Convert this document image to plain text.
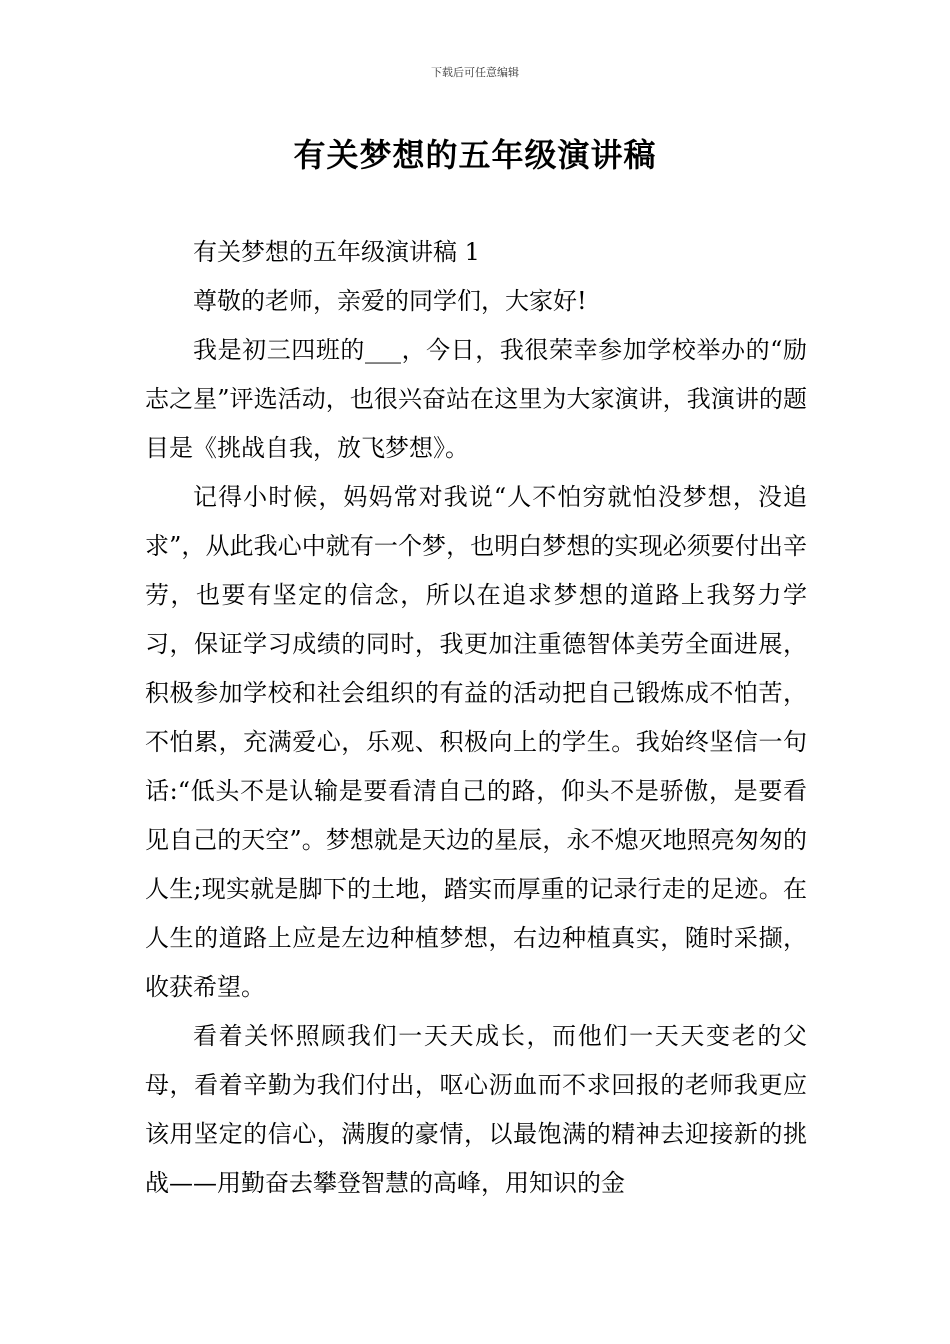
下载后可任意编辑
有关梦想的五年级演讲稿

有关梦想的五年级演讲稿 1

尊敬的老师，亲爱的同学们，大家好!

我是初三四班的___，今日，我很荣幸参加学校举办的“励志之星”评选活动，也很兴奋站在这里为大家演讲，我演讲的题目是《挑战自我，放飞梦想》。

记得小时候，妈妈常对我说“人不怕穷就怕没梦想，没追求”，从此我心中就有一个梦，也明白梦想的实现必须要付出辛劳，也要有坚定的信念，所以在追求梦想的道路上我努力学习，保证学习成绩的同时，我更加注重德智体美劳全面进展，积极参加学校和社会组织的有益的活动把自己锻炼成不怕苦，不怕累，充满爱心，乐观、积极向上的学生。我始终坚信一句话:“低头不是认输是要看清自己的路，仰头不是骄傲，是要看见自己的天空”。梦想就是天边的星辰，永不熄灭地照亮匆匆的人生;现实就是脚下的土地，踏实而厚重的记录行走的足迹。在人生的道路上应是左边种植梦想，右边种植真实，随时采撷，收获希望。

看着关怀照顾我们一天天成长，而他们一天天变老的父母，看着辛勤为我们付出，呕心沥血而不求回报的老师我更应该用坚定的信心，满腹的豪情，以最饱满的精神去迎接新的挑战——用勤奋去攀登智慧的高峰，用知识的金
